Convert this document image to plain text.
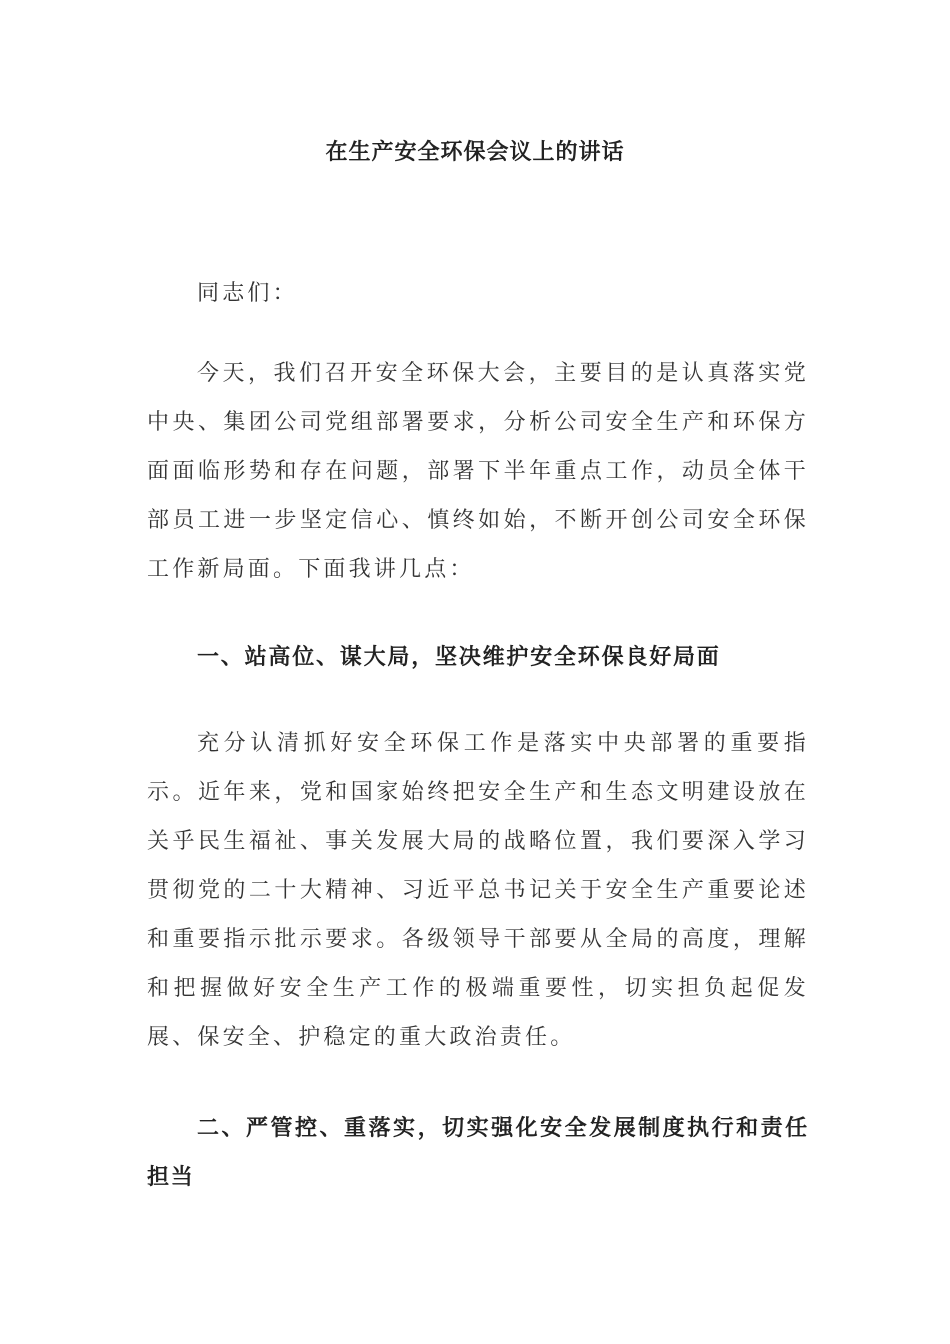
在生产安全环保会议上的讲话
同志们：
今天，我们召开安全环保大会，主要目的是认真落实党中央、集团公司党组部署要求，分析公司安全生产和环保方面面临形势和存在问题，部署下半年重点工作，动员全体干部员工进一步坚定信心、慎终如始，不断开创公司安全环保工作新局面。下面我讲几点：
一、站高位、谋大局，坚决维护安全环保良好局面
充分认清抓好安全环保工作是落实中央部署的重要指示。近年来，党和国家始终把安全生产和生态文明建设放在关乎民生福祉、事关发展大局的战略位置，我们要深入学习贯彻党的二十大精神、习近平总书记关于安全生产重要论述和重要指示批示要求。各级领导干部要从全局的高度，理解和把握做好安全生产工作的极端重要性，切实担负起促发展、保安全、护稳定的重大政治责任。
二、严管控、重落实，切实强化安全发展制度执行和责任担当
